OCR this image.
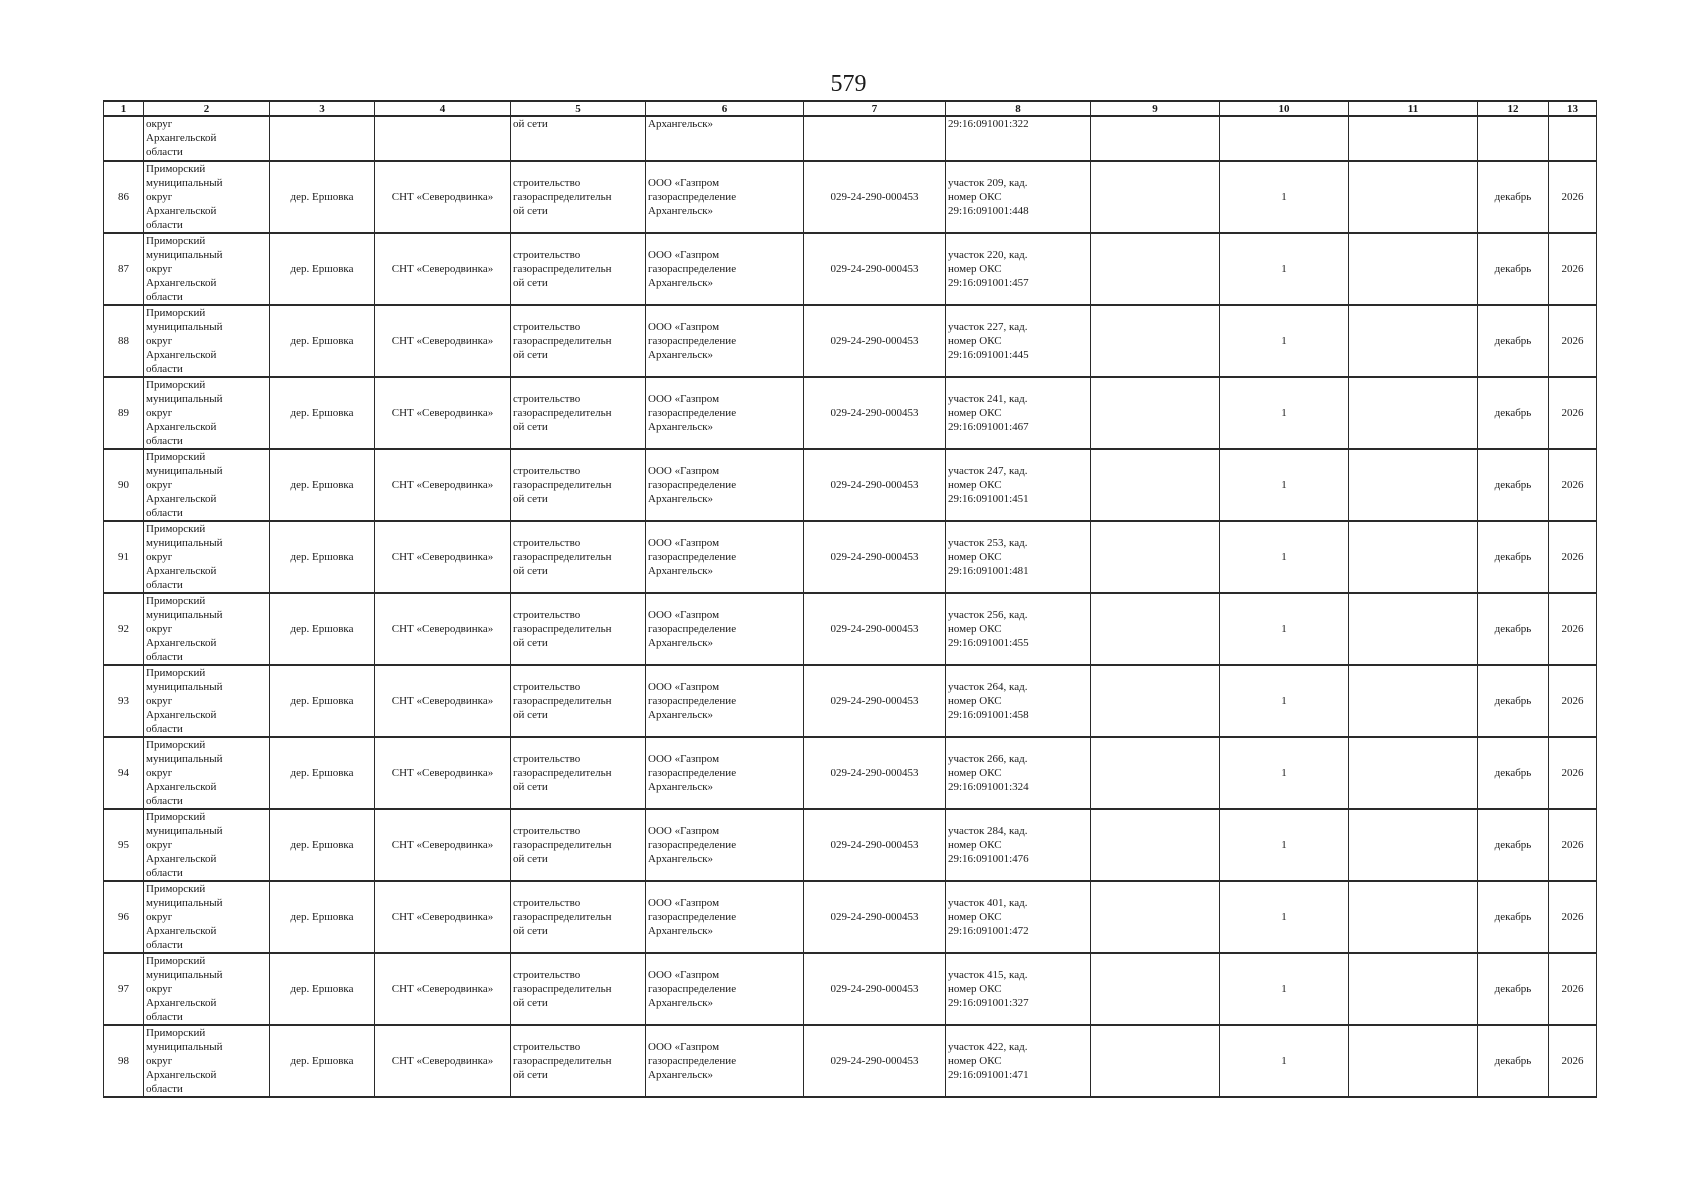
579
1	2	3	4	5	6	7	8	9	10	11	12	13
	округ
Архангельской
области			ой сети	Архангельск»		29:16:091001:322					
86	Приморский
муниципальный
округ
Архангельской
области	дер. Ершовка	СНТ «Северодвинка»	строительство
газораспределительн
ой сети	ООО «Газпром
газораспределение
Архангельск»	029-24-290-000453	участок 209, кад.
номер ОКС
29:16:091001:448		1		декабрь	2026
87	Приморский
муниципальный
округ
Архангельской
области	дер. Ершовка	СНТ «Северодвинка»	строительство
газораспределительн
ой сети	ООО «Газпром
газораспределение
Архангельск»	029-24-290-000453	участок 220, кад.
номер ОКС
29:16:091001:457		1		декабрь	2026
88	Приморский
муниципальный
округ
Архангельской
области	дер. Ершовка	СНТ «Северодвинка»	строительство
газораспределительн
ой сети	ООО «Газпром
газораспределение
Архангельск»	029-24-290-000453	участок 227, кад.
номер ОКС
29:16:091001:445		1		декабрь	2026
89	Приморский
муниципальный
округ
Архангельской
области	дер. Ершовка	СНТ «Северодвинка»	строительство
газораспределительн
ой сети	ООО «Газпром
газораспределение
Архангельск»	029-24-290-000453	участок 241, кад.
номер ОКС
29:16:091001:467		1		декабрь	2026
90	Приморский
муниципальный
округ
Архангельской
области	дер. Ершовка	СНТ «Северодвинка»	строительство
газораспределительн
ой сети	ООО «Газпром
газораспределение
Архангельск»	029-24-290-000453	участок 247, кад.
номер ОКС
29:16:091001:451		1		декабрь	2026
91	Приморский
муниципальный
округ
Архангельской
области	дер. Ершовка	СНТ «Северодвинка»	строительство
газораспределительн
ой сети	ООО «Газпром
газораспределение
Архангельск»	029-24-290-000453	участок 253, кад.
номер ОКС
29:16:091001:481		1		декабрь	2026
92	Приморский
муниципальный
округ
Архангельской
области	дер. Ершовка	СНТ «Северодвинка»	строительство
газораспределительн
ой сети	ООО «Газпром
газораспределение
Архангельск»	029-24-290-000453	участок 256, кад.
номер ОКС
29:16:091001:455		1		декабрь	2026
93	Приморский
муниципальный
округ
Архангельской
области	дер. Ершовка	СНТ «Северодвинка»	строительство
газораспределительн
ой сети	ООО «Газпром
газораспределение
Архангельск»	029-24-290-000453	участок 264, кад.
номер ОКС
29:16:091001:458		1		декабрь	2026
94	Приморский
муниципальный
округ
Архангельской
области	дер. Ершовка	СНТ «Северодвинка»	строительство
газораспределительн
ой сети	ООО «Газпром
газораспределение
Архангельск»	029-24-290-000453	участок 266, кад.
номер ОКС
29:16:091001:324		1		декабрь	2026
95	Приморский
муниципальный
округ
Архангельской
области	дер. Ершовка	СНТ «Северодвинка»	строительство
газораспределительн
ой сети	ООО «Газпром
газораспределение
Архангельск»	029-24-290-000453	участок 284, кад.
номер ОКС
29:16:091001:476		1		декабрь	2026
96	Приморский
муниципальный
округ
Архангельской
области	дер. Ершовка	СНТ «Северодвинка»	строительство
газораспределительн
ой сети	ООО «Газпром
газораспределение
Архангельск»	029-24-290-000453	участок 401, кад.
номер ОКС
29:16:091001:472		1		декабрь	2026
97	Приморский
муниципальный
округ
Архангельской
области	дер. Ершовка	СНТ «Северодвинка»	строительство
газораспределительн
ой сети	ООО «Газпром
газораспределение
Архангельск»	029-24-290-000453	участок 415, кад.
номер ОКС
29:16:091001:327		1		декабрь	2026
98	Приморский
муниципальный
округ
Архангельской
области	дер. Ершовка	СНТ «Северодвинка»	строительство
газораспределительн
ой сети	ООО «Газпром
газораспределение
Архангельск»	029-24-290-000453	участок 422, кад.
номер ОКС
29:16:091001:471		1		декабрь	2026
